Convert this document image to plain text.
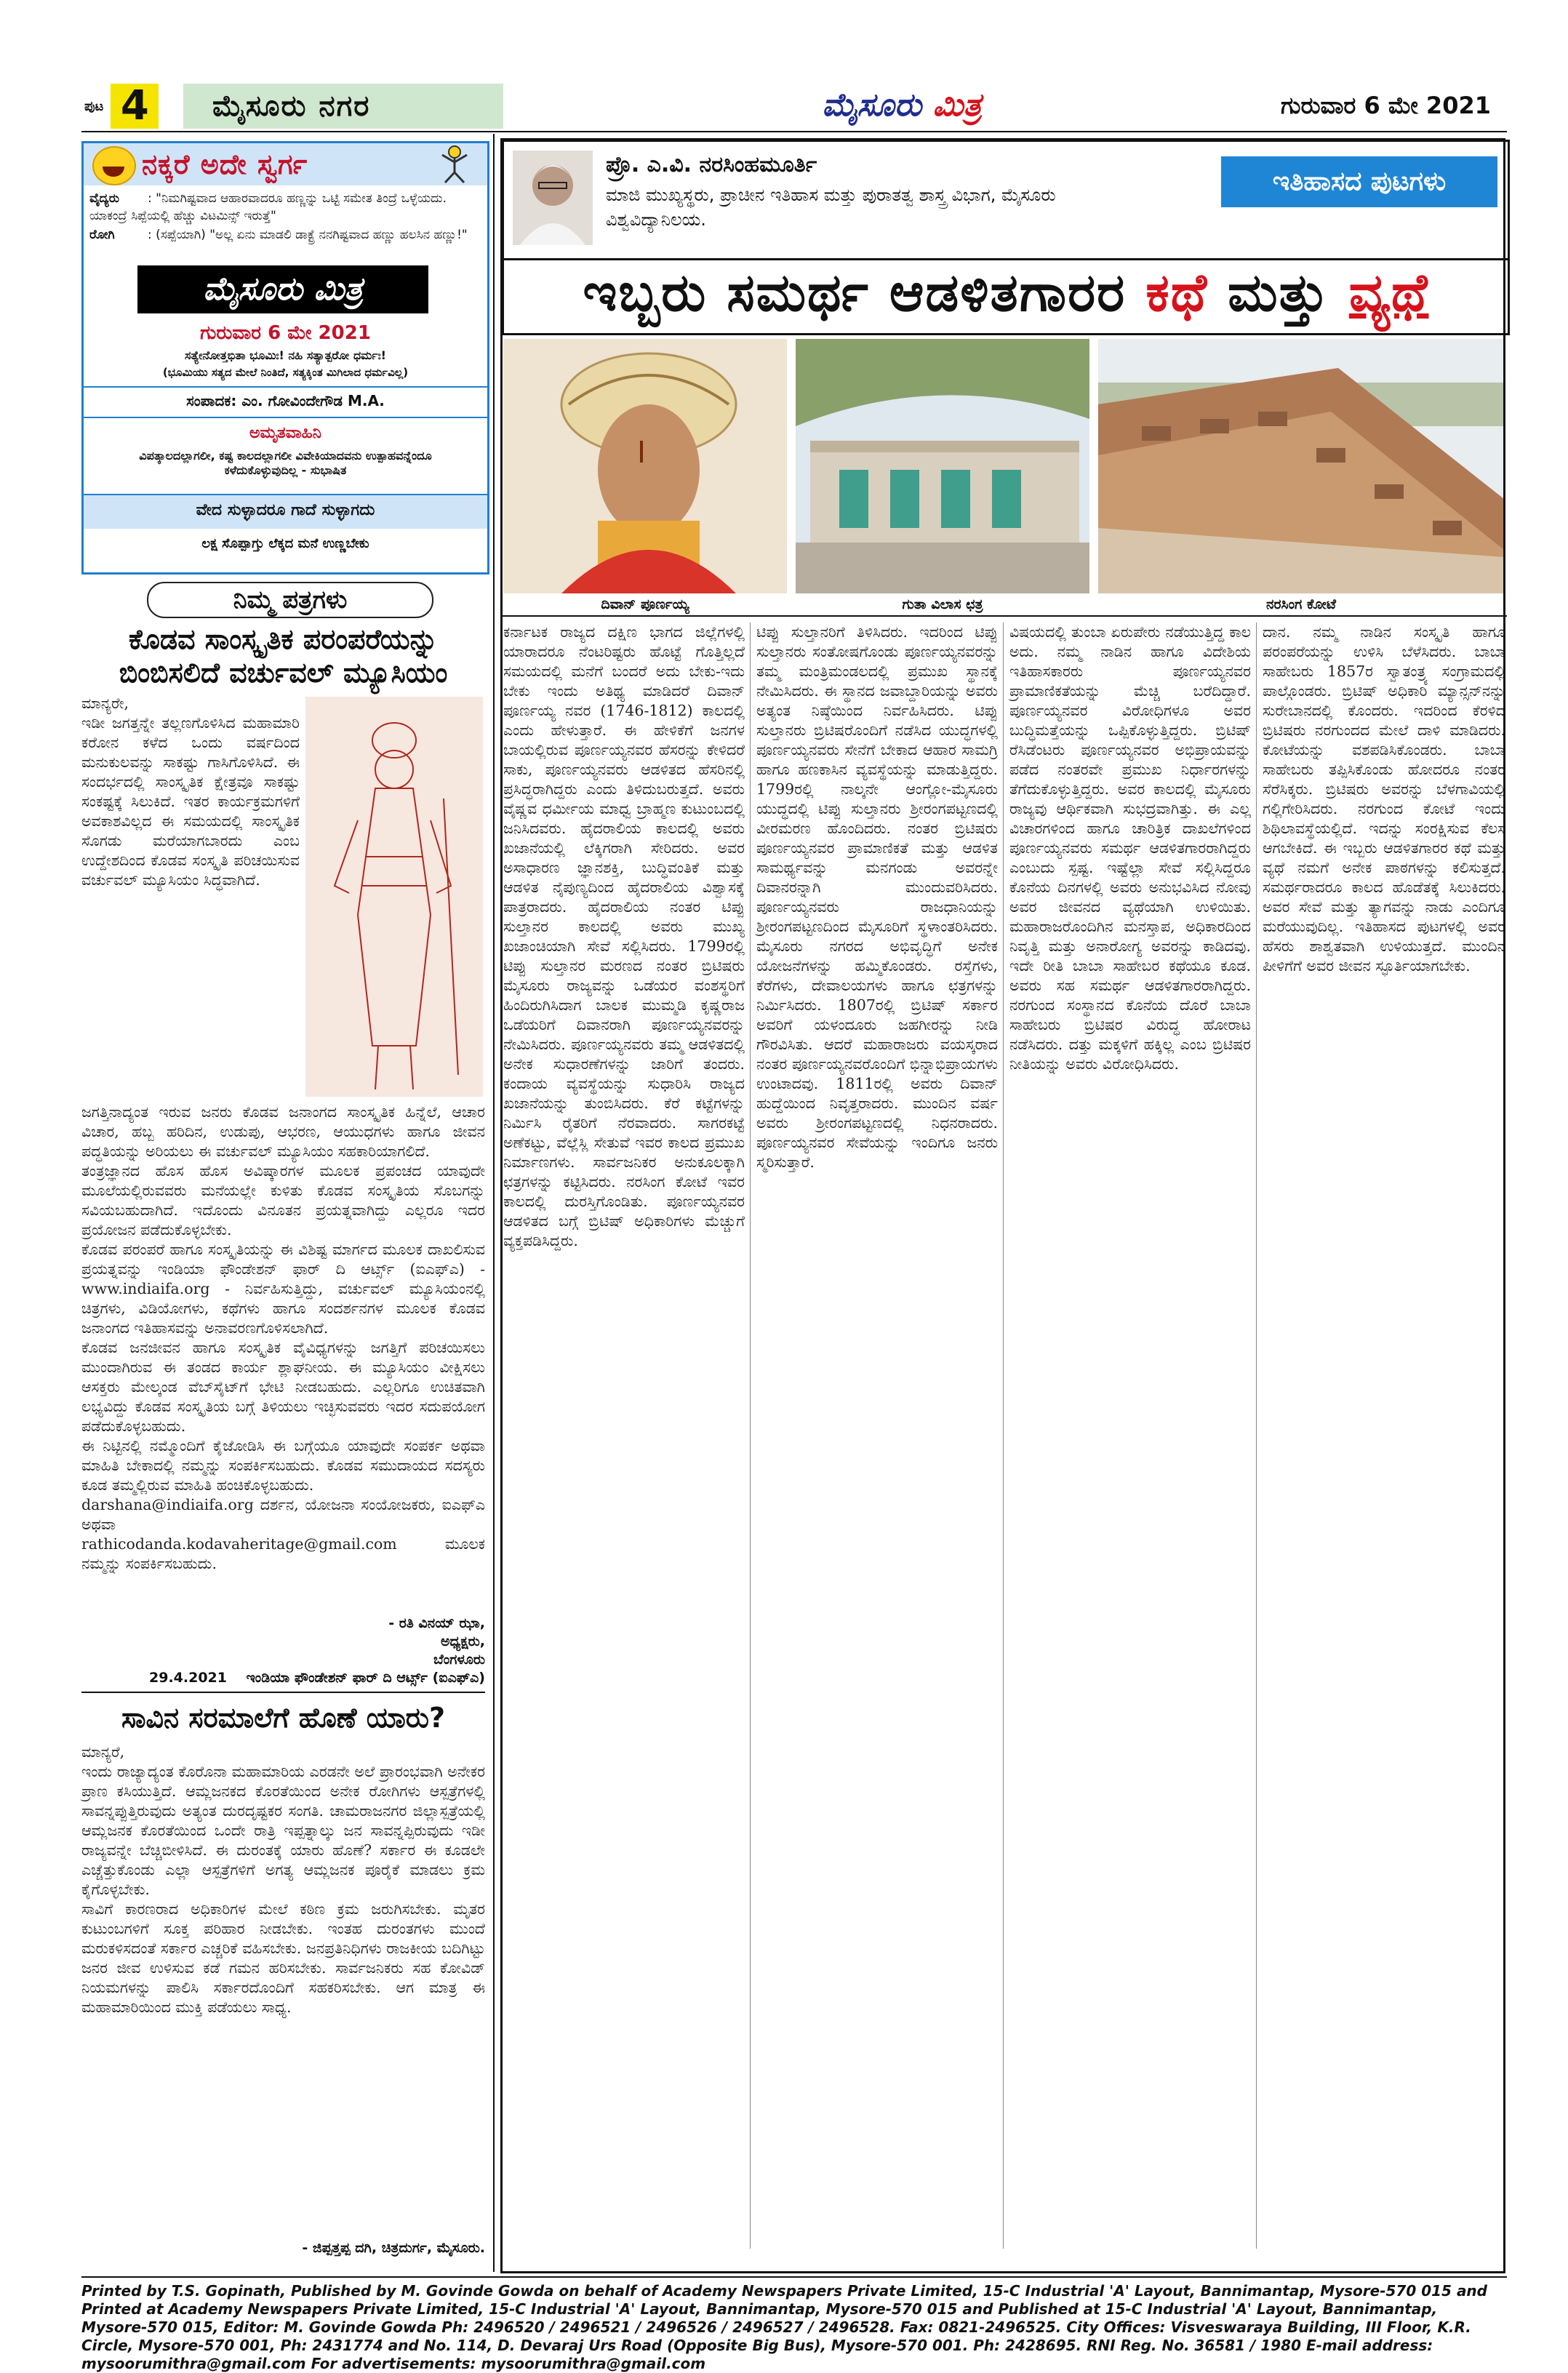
ಪುಟ 4	ಮೈಸೂರು ನಗರ	ಮೈಸೂರು ಮಿತ್ರ	ಗುರುವಾರ 6 ಮೇ 2021
ನಕ್ಕರೆ ಅದೇ ಸ್ವರ್ಗ
ವೈದ್ಯರು : "ನಿಮಗಿಷ್ಟವಾದ ಆಹಾರವಾದರೂ ಹಣ್ಣನ್ನು ಒಟ್ಟಿ ಸಮೇತ ತಿಂದ್ರೆ ಒಳ್ಳೆಯದು. ಯಾಕಂದ್ರೆ ಸಿಪ್ಪೆಯಲ್ಲಿ ಹೆಚ್ಚು ವಿಟಮಿನ್ಸ್ ಇರುತ್ತೆ"
ರೋಗಿ	: (ಸಪ್ಪೆಯಾಗಿ) "ಅಲ್ಲ ಏನು ಮಾಡಲಿ ಡಾಕ್ಟ್ರೆ ನನಗಿಷ್ಟವಾದ ಹಣ್ಣು ಹಲಸಿನ ಹಣ್ಣು!"
ಮೈಸೂರು ಮಿತ್ರ
ಗುರುವಾರ 6 ಮೇ 2021
ಸತ್ಯೇನೋತ್ತಭಿತಾ ಭೂಮಿಃ! ನಹಿ ಸತ್ಯಾತ್ಪರೋ ಧರ್ಮಃ!
(ಭೂಮಿಯು ಸತ್ಯದ ಮೇಲೆ ನಿಂತಿದೆ, ಸತ್ಯಕ್ಕಿಂತ ಮಿಗಿಲಾದ ಧರ್ಮವಿಲ್ಲ)
ಸಂಪಾದಕ: ಎಂ. ಗೋವಿಂದೇಗೌಡ M.A.
ಅಮೃತವಾಹಿನಿ
ವಿಪತ್ಕಾಲದಲ್ಲಾಗಲೀ, ಕಷ್ಟ ಕಾಲದಲ್ಲಾಗಲೀ ವಿವೇಕಿಯಾದವನು ಉತ್ಪಾಹವನ್ನೆಂದೂ ಕಳೆದುಕೊಳ್ಳುವುದಿಲ್ಲ - ಸುಭಾಷಿತ
ವೇದ ಸುಳ್ಳಾದರೂ ಗಾದೆ ಸುಳ್ಳಾಗದು
ಲಕ್ಷ ಸೊಪ್ಪಾಗ್ತು ಲೆಕ್ಕದ ಮನೆ ಉಣ್ಣಬೇಕು
ನಿಮ್ಮ ಪತ್ರಗಳು
ಕೊಡವ ಸಾಂಸ್ಕೃತಿಕ ಪರಂಪರೆಯನ್ನು ಬಿಂಬಿಸಲಿದೆ ವರ್ಚುವಲ್ ಮ್ಯೂಸಿಯಂ
ಮಾನ್ಯರೇ,
ಇಡೀ ಜಗತ್ತನ್ನೇ ತಲ್ಲಣಗೊಳಿಸಿದ ಮಹಾಮಾರಿ ಕರೋನ ಕಳೆದ ಒಂದು ವರ್ಷದಿಂದ ಮನುಕುಲವನ್ನು ಸಾಕಷ್ಟು ಗಾಸಿಗೊಳಿಸಿದೆ. ಈ ಸಂದರ್ಭದಲ್ಲಿ ಸಾಂಸ್ಕೃತಿಕ ಕ್ಷೇತ್ರವೂ ಸಾಕಷ್ಟು ಸಂಕಷ್ಟಕ್ಕೆ ಸಿಲುಕಿದೆ. ಇತರ ಕಾರ್ಯಕ್ರಮಗಳಿಗೆ ಅವಕಾಶವಿಲ್ಲದ ಈ ಸಮಯದಲ್ಲಿ ಸಾಂಸ್ಕೃತಿಕ ಸೊಗಡು ಮರೆಯಾಗಬಾರದು ಎಂಬ ಉದ್ದೇಶದಿಂದ ಕೊಡವ ಸಂಸ್ಕೃತಿ ಪರಿಚಯಿಸುವ ವರ್ಚುವಲ್ ಮ್ಯೂಸಿಯಂ ಸಿದ್ಧವಾಗಿದೆ.
ಜಗತ್ತಿನಾದ್ಯಂತ ಇರುವ ಜನರು ಕೊಡವ ಜನಾಂಗದ ಸಾಂಸ್ಕೃತಿಕ ಹಿನ್ನೆಲೆ, ಆಚಾರ ವಿಚಾರ, ಹಬ್ಬ ಹರಿದಿನ, ಉಡುಪು, ಆಭರಣ, ಆಯುಧಗಳು ಹಾಗೂ ಜೀವನ ಪದ್ಧತಿಯನ್ನು ಅರಿಯಲು ಈ ವರ್ಚುವಲ್ ಮ್ಯೂಸಿಯಂ ಸಹಕಾರಿಯಾಗಲಿದೆ.
ತಂತ್ರಜ್ಞಾನದ ಹೊಸ ಹೊಸ ಅವಿಷ್ಕಾರಗಳ ಮೂಲಕ ಪ್ರಪಂಚದ ಯಾವುದೇ ಮೂಲೆಯಲ್ಲಿರುವವರು ಮನೆಯಲ್ಲೇ ಕುಳಿತು ಕೊಡವ ಸಂಸ್ಕೃತಿಯ ಸೊಬಗನ್ನು ಸವಿಯಬಹುದಾಗಿದೆ. ಇದೊಂದು ವಿನೂತನ ಪ್ರಯತ್ನವಾಗಿದ್ದು ಎಲ್ಲರೂ ಇದರ ಪ್ರಯೋಜನ ಪಡೆದುಕೊಳ್ಳಬೇಕು.
ಕೊಡವ ಪರಂಪರೆ ಹಾಗೂ ಸಂಸ್ಕೃತಿಯನ್ನು ಈ ವಿಶಿಷ್ಟ ಮಾರ್ಗದ ಮೂಲಕ ದಾಖಲಿಸುವ ಪ್ರಯತ್ನವನ್ನು ಇಂಡಿಯಾ ಫೌಂಡೇಶನ್ ಫಾರ್ ದಿ ಆರ್ಟ್ಸ್ (ಐಎಫ್‌ಎ) - www.indiaifa.org - ನಿರ್ವಹಿಸುತ್ತಿದ್ದು, ವರ್ಚುವಲ್ ಮ್ಯೂಸಿಯಂನಲ್ಲಿ ಚಿತ್ರಗಳು, ವಿಡಿಯೋಗಳು, ಕಥೆಗಳು ಹಾಗೂ ಸಂದರ್ಶನಗಳ ಮೂಲಕ ಕೊಡವ ಜನಾಂಗದ ಇತಿಹಾಸವನ್ನು ಅನಾವರಣಗೊಳಿಸಲಾಗಿದೆ.
ಕೊಡವ ಜನಜೀವನ ಹಾಗೂ ಸಂಸ್ಕೃತಿಕ ವೈವಿಧ್ಯಗಳನ್ನು ಜಗತ್ತಿಗೆ ಪರಿಚಯಿಸಲು ಮುಂದಾಗಿರುವ ಈ ತಂಡದ ಕಾರ್ಯ ಶ್ಲಾಘನೀಯ. ಈ ಮ್ಯೂಸಿಯಂ ವೀಕ್ಷಿಸಲು ಆಸಕ್ತರು ಮೇಲ್ಕಂಡ ವೆಬ್‌ಸೈಟ್‌ಗೆ ಭೇಟಿ ನೀಡಬಹುದು. ಎಲ್ಲರಿಗೂ ಉಚಿತವಾಗಿ ಲಭ್ಯವಿದ್ದು ಕೊಡವ ಸಂಸ್ಕೃತಿಯ ಬಗ್ಗೆ ತಿಳಿಯಲು ಇಚ್ಛಿಸುವವರು ಇದರ ಸದುಪಯೋಗ ಪಡೆದುಕೊಳ್ಳಬಹುದು.
ಈ ನಿಟ್ಟಿನಲ್ಲಿ ನಮ್ಮೊಂದಿಗೆ ಕೈಜೋಡಿಸಿ ಈ ಬಗ್ಗೆಯೂ ಯಾವುದೇ ಸಂಪರ್ಕ ಅಥವಾ ಮಾಹಿತಿ ಬೇಕಾದಲ್ಲಿ ನಮ್ಮನ್ನು ಸಂಪರ್ಕಿಸಬಹುದು. ಕೊಡವ ಸಮುದಾಯದ ಸದಸ್ಯರು ಕೂಡ ತಮ್ಮಲ್ಲಿರುವ ಮಾಹಿತಿ ಹಂಚಿಕೊಳ್ಳಬಹುದು.
darshana@indiaifa.org ದರ್ಶನ, ಯೋಜನಾ ಸಂಯೋಜಕರು, ಐಎಫ್‌ಎ ಅಥವಾ
rathicodanda.kodavaheritage@gmail.com ಮೂಲಕ ನಮ್ಮನ್ನು ಸಂಪರ್ಕಿಸಬಹುದು.
- ರತಿ ವಿನಯ್ ಝಾ,
ಅಧ್ಯಕ್ಷರು,
ಬೆಂಗಳೂರು
29.4.2021    ಇಂಡಿಯಾ ಫೌಂಡೇಶನ್ ಫಾರ್ ದಿ ಆರ್ಟ್ಸ್ (ಐಎಫ್‌ಎ)
ಸಾವಿನ ಸರಮಾಲೆಗೆ ಹೊಣೆ ಯಾರು?
ಮಾನ್ಯರೆ,
ಇಂದು ರಾಜ್ಯಾದ್ಯಂತ ಕೊರೊನಾ ಮಹಾಮಾರಿಯ ಎರಡನೇ ಅಲೆ ಪ್ರಾರಂಭವಾಗಿ ಅನೇಕರ ಪ್ರಾಣ ಕಸಿಯುತ್ತಿದೆ. ಆಮ್ಲಜನಕದ ಕೊರತೆಯಿಂದ ಅನೇಕ ರೋಗಿಗಳು ಆಸ್ಪತ್ರೆಗಳಲ್ಲಿ ಸಾವನ್ನಪ್ಪುತ್ತಿರುವುದು ಅತ್ಯಂತ ದುರದೃಷ್ಟಕರ ಸಂಗತಿ. ಚಾಮರಾಜನಗರ ಜಿಲ್ಲಾಸ್ಪತ್ರೆಯಲ್ಲಿ ಆಮ್ಲಜನಕ ಕೊರತೆಯಿಂದ ಒಂದೇ ರಾತ್ರಿ ಇಪ್ಪತ್ನಾಲ್ಕು ಜನ ಸಾವನ್ನಪ್ಪಿರುವುದು ಇಡೀ ರಾಜ್ಯವನ್ನೇ ಬೆಚ್ಚಿಬೀಳಿಸಿದೆ. ಈ ದುರಂತಕ್ಕೆ ಯಾರು ಹೊಣೆ? ಸರ್ಕಾರ ಈ ಕೂಡಲೇ ಎಚ್ಚೆತ್ತುಕೊಂಡು ಎಲ್ಲಾ ಆಸ್ಪತ್ರೆಗಳಿಗೆ ಅಗತ್ಯ ಆಮ್ಲಜನಕ ಪೂರೈಕೆ ಮಾಡಲು ಕ್ರಮ ಕೈಗೊಳ್ಳಬೇಕು.
ಸಾವಿಗೆ ಕಾರಣರಾದ ಅಧಿಕಾರಿಗಳ ಮೇಲೆ ಕಠಿಣ ಕ್ರಮ ಜರುಗಿಸಬೇಕು. ಮೃತರ ಕುಟುಂಬಗಳಿಗೆ ಸೂಕ್ತ ಪರಿಹಾರ ನೀಡಬೇಕು. ಇಂತಹ ದುರಂತಗಳು ಮುಂದೆ ಮರುಕಳಿಸದಂತೆ ಸರ್ಕಾರ ಎಚ್ಚರಿಕೆ ವಹಿಸಬೇಕು. ಜನಪ್ರತಿನಿಧಿಗಳು ರಾಜಕೀಯ ಬದಿಗಿಟ್ಟು ಜನರ ಜೀವ ಉಳಿಸುವ ಕಡೆ ಗಮನ ಹರಿಸಬೇಕು. ಸಾರ್ವಜನಿಕರು ಸಹ ಕೋವಿಡ್ ನಿಯಮಗಳನ್ನು ಪಾಲಿಸಿ ಸರ್ಕಾರದೊಂದಿಗೆ ಸಹಕರಿಸಬೇಕು. ಆಗ ಮಾತ್ರ ಈ ಮಹಾಮಾರಿಯಿಂದ ಮುಕ್ತಿ ಪಡೆಯಲು ಸಾಧ್ಯ.
- ಜಿಪ್ಪತ್ತಪ್ಪ ದಗಿ, ಚಿತ್ರದುರ್ಗ, ಮೈಸೂರು.
ಪ್ರೊ. ಎ.ವಿ. ನರಸಿಂಹಮೂರ್ತಿ
ಮಾಜಿ ಮುಖ್ಯಸ್ಥರು, ಪ್ರಾಚೀನ ಇತಿಹಾಸ ಮತ್ತು ಪುರಾತತ್ವ ಶಾಸ್ತ್ರ ವಿಭಾಗ, ಮೈಸೂರು ವಿಶ್ವವಿದ್ಯಾನಿಲಯ.
ಇತಿಹಾಸದ ಪುಟಗಳು
ಇಬ್ಬರು ಸಮರ್ಥ ಆಡಳಿತಗಾರರ ಕಥೆ ಮತ್ತು ವ್ಯಥೆ
ದಿವಾನ್ ಪೂರ್ಣಯ್ಯ	ಗುತಾ ವಿಲಾಸ ಛತ್ರ	ನರಸಿಂಗ ಕೋಟೆ
ಕರ್ನಾಟಕ ರಾಜ್ಯದ ದಕ್ಷಿಣ ಭಾಗದ ಜಿಲ್ಲೆಗಳಲ್ಲಿ ಯಾರಾದರೂ ನೆಂಟರಿಷ್ಟರು ಹೊಟ್ಟೆ ಗೊತ್ತಿಲ್ಲದೆ ಸಮಯದಲ್ಲಿ ಮನೆಗೆ ಬಂದರೆ ಅದು ಬೇಕು-ಇದು ಬೇಕು ಇಂದು ಅತಿಥ್ಯ ಮಾಡಿದರೆ ದಿವಾನ್ ಪೂರ್ಣಯ್ಯ ನವರ (1746-1812) ಕಾಲದಲ್ಲಿ ಎಂದು ಹೇಳುತ್ತಾರೆ. ಈ ಹೇಳಿಕೆಗೆ ಜನಗಳ ಬಾಯಲ್ಲಿರುವ ಪೂರ್ಣಯ್ಯನವರ ಹೆಸರನ್ನು ಕೇಳಿದರೆ ಸಾಕು, ಪೂರ್ಣಯ್ಯನವರು ಆಡಳಿತದ ಹೆಸರಿನಲ್ಲಿ ಪ್ರಸಿದ್ಧರಾಗಿದ್ದರು ಎಂದು ತಿಳಿದುಬರುತ್ತದೆ. ಅವರು ವೈಷ್ಣವ ಧರ್ಮೀಯ ಮಾಧ್ವ ಬ್ರಾಹ್ಮಣ ಕುಟುಂಬದಲ್ಲಿ ಜನಿಸಿದವರು. ಹೈದರಾಲಿಯ ಕಾಲದಲ್ಲಿ ಅವರು ಖಜಾನೆಯಲ್ಲಿ ಲೆಕ್ಕಿಗರಾಗಿ ಸೇರಿದರು. ಅವರ ಅಸಾಧಾರಣ ಜ್ಞಾನಶಕ್ತಿ, ಬುದ್ಧಿವಂತಿಕೆ ಮತ್ತು ಆಡಳಿತ ನೈಪುಣ್ಯದಿಂದ ಹೈದರಾಲಿಯ ವಿಶ್ವಾಸಕ್ಕೆ ಪಾತ್ರರಾದರು. ಹೈದರಾಲಿಯ ನಂತರ ಟಿಪ್ಪು ಸುಲ್ತಾನರ ಕಾಲದಲ್ಲಿ ಅವರು ಮುಖ್ಯ ಖಜಾಂಚಿಯಾಗಿ ಸೇವೆ ಸಲ್ಲಿಸಿದರು. 1799ರಲ್ಲಿ ಟಿಪ್ಪು ಸುಲ್ತಾನರ ಮರಣದ ನಂತರ ಬ್ರಿಟಿಷರು ಮೈಸೂರು ರಾಜ್ಯವನ್ನು ಒಡೆಯರ ವಂಶಸ್ಥರಿಗೆ ಹಿಂದಿರುಗಿಸಿದಾಗ ಬಾಲಕ ಮುಮ್ಮಡಿ ಕೃಷ್ಣರಾಜ ಒಡೆಯರಿಗೆ ದಿವಾನರಾಗಿ ಪೂರ್ಣಯ್ಯನವರನ್ನು ನೇಮಿಸಿದರು. ಪೂರ್ಣಯ್ಯನವರು ತಮ್ಮ ಆಡಳಿತದಲ್ಲಿ ಅನೇಕ ಸುಧಾರಣೆಗಳನ್ನು ಜಾರಿಗೆ ತಂದರು. ಕಂದಾಯ ವ್ಯವಸ್ಥೆಯನ್ನು ಸುಧಾರಿಸಿ ರಾಜ್ಯದ ಖಜಾನೆಯನ್ನು ತುಂಬಿಸಿದರು. ಕೆರೆ ಕಟ್ಟೆಗಳನ್ನು ನಿರ್ಮಿಸಿ ರೈತರಿಗೆ ನೆರವಾದರು. ಸಾಗರಕಟ್ಟೆ ಅಣೆಕಟ್ಟು, ವೆಲ್ಲೆಸ್ಲಿ ಸೇತುವೆ ಇವರ ಕಾಲದ ಪ್ರಮುಖ ನಿರ್ಮಾಣಗಳು. ಸಾರ್ವಜನಿಕರ ಅನುಕೂಲಕ್ಕಾಗಿ ಛತ್ರಗಳನ್ನು ಕಟ್ಟಿಸಿದರು. ನರಸಿಂಗ ಕೋಟೆ ಇವರ ಕಾಲದಲ್ಲಿ ದುರಸ್ತಿಗೊಂಡಿತು. ಪೂರ್ಣಯ್ಯನವರ ಆಡಳಿತದ ಬಗ್ಗೆ ಬ್ರಿಟಿಷ್ ಅಧಿಕಾರಿಗಳು ಮೆಚ್ಚುಗೆ ವ್ಯಕ್ತಪಡಿಸಿದ್ದರು.
ಟಿಪ್ಪು ಸುಲ್ತಾನರಿಗೆ ತಿಳಿಸಿದರು. ಇದರಿಂದ ಟಿಪ್ಪು ಸುಲ್ತಾನರು ಸಂತೋಷಗೊಂಡು ಪೂರ್ಣಯ್ಯನವರನ್ನು ತಮ್ಮ ಮಂತ್ರಿಮಂಡಲದಲ್ಲಿ ಪ್ರಮುಖ ಸ್ಥಾನಕ್ಕೆ ನೇಮಿಸಿದರು. ಈ ಸ್ಥಾನದ ಜವಾಬ್ದಾರಿಯನ್ನು ಅವರು ಅತ್ಯಂತ ನಿಷ್ಠೆಯಿಂದ ನಿರ್ವಹಿಸಿದರು. ಟಿಪ್ಪು ಸುಲ್ತಾನರು ಬ್ರಿಟಿಷರೊಂದಿಗೆ ನಡೆಸಿದ ಯುದ್ಧಗಳಲ್ಲಿ ಪೂರ್ಣಯ್ಯನವರು ಸೇನೆಗೆ ಬೇಕಾದ ಆಹಾರ ಸಾಮಗ್ರಿ ಹಾಗೂ ಹಣಕಾಸಿನ ವ್ಯವಸ್ಥೆಯನ್ನು ಮಾಡುತ್ತಿದ್ದರು. 1799ರಲ್ಲಿ ನಾಲ್ಕನೇ ಆಂಗ್ಲೋ-ಮೈಸೂರು ಯುದ್ಧದಲ್ಲಿ ಟಿಪ್ಪು ಸುಲ್ತಾನರು ಶ್ರೀರಂಗಪಟ್ಟಣದಲ್ಲಿ ವೀರಮರಣ ಹೊಂದಿದರು. ನಂತರ ಬ್ರಿಟಿಷರು ಪೂರ್ಣಯ್ಯನವರ ಪ್ರಾಮಾಣಿಕತೆ ಮತ್ತು ಆಡಳಿತ ಸಾಮರ್ಥ್ಯವನ್ನು ಮನಗಂಡು ಅವರನ್ನೇ ದಿವಾನರನ್ನಾಗಿ ಮುಂದುವರಿಸಿದರು. ಪೂರ್ಣಯ್ಯನವರು ರಾಜಧಾನಿಯನ್ನು ಶ್ರೀರಂಗಪಟ್ಟಣದಿಂದ ಮೈಸೂರಿಗೆ ಸ್ಥಳಾಂತರಿಸಿದರು. ಮೈಸೂರು ನಗರದ ಅಭಿವೃದ್ಧಿಗೆ ಅನೇಕ ಯೋಜನೆಗಳನ್ನು ಹಮ್ಮಿಕೊಂಡರು. ರಸ್ತೆಗಳು, ಕೆರೆಗಳು, ದೇವಾಲಯಗಳು ಹಾಗೂ ಛತ್ರಗಳನ್ನು ನಿರ್ಮಿಸಿದರು. 1807ರಲ್ಲಿ ಬ್ರಿಟಿಷ್ ಸರ್ಕಾರ ಅವರಿಗೆ ಯಳಂದೂರು ಜಹಗೀರನ್ನು ನೀಡಿ ಗೌರವಿಸಿತು. ಆದರೆ ಮಹಾರಾಜರು ವಯಸ್ಕರಾದ ನಂತರ ಪೂರ್ಣಯ್ಯನವರೊಂದಿಗೆ ಭಿನ್ನಾಭಿಪ್ರಾಯಗಳು ಉಂಟಾದವು. 1811ರಲ್ಲಿ ಅವರು ದಿವಾನ್ ಹುದ್ದೆಯಿಂದ ನಿವೃತ್ತರಾದರು. ಮುಂದಿನ ವರ್ಷ ಅವರು ಶ್ರೀರಂಗಪಟ್ಟಣದಲ್ಲಿ ನಿಧನರಾದರು. ಪೂರ್ಣಯ್ಯನವರ ಸೇವೆಯನ್ನು ಇಂದಿಗೂ ಜನರು ಸ್ಮರಿಸುತ್ತಾರೆ.
ವಿಷಯದಲ್ಲಿ ತುಂಬಾ ಏರುಪೇರು ನಡೆಯುತ್ತಿದ್ದ ಕಾಲ ಅದು. ನಮ್ಮ ನಾಡಿನ ಹಾಗೂ ವಿದೇಶಿಯ ಇತಿಹಾಸಕಾರರು ಪೂರ್ಣಯ್ಯನವರ ಪ್ರಾಮಾಣಿಕತೆಯನ್ನು ಮೆಚ್ಚಿ ಬರೆದಿದ್ದಾರೆ. ಪೂರ್ಣಯ್ಯನವರ ವಿರೋಧಿಗಳೂ ಅವರ ಬುದ್ಧಿಮತ್ತೆಯನ್ನು ಒಪ್ಪಿಕೊಳ್ಳುತ್ತಿದ್ದರು. ಬ್ರಿಟಿಷ್ ರೆಸಿಡೆಂಟರು ಪೂರ್ಣಯ್ಯನವರ ಅಭಿಪ್ರಾಯವನ್ನು ಪಡೆದ ನಂತರವೇ ಪ್ರಮುಖ ನಿರ್ಧಾರಗಳನ್ನು ತೆಗೆದುಕೊಳ್ಳುತ್ತಿದ್ದರು. ಅವರ ಕಾಲದಲ್ಲಿ ಮೈಸೂರು ರಾಜ್ಯವು ಆರ್ಥಿಕವಾಗಿ ಸುಭದ್ರವಾಗಿತ್ತು. ಈ ಎಲ್ಲ ವಿಚಾರಗಳಿಂದ ಹಾಗೂ ಚಾರಿತ್ರಿಕ ದಾಖಲೆಗಳಿಂದ ಪೂರ್ಣಯ್ಯನವರು ಸಮರ್ಥ ಆಡಳಿತಗಾರರಾಗಿದ್ದರು ಎಂಬುದು ಸ್ಪಷ್ಟ. ಇಷ್ಟೆಲ್ಲಾ ಸೇವೆ ಸಲ್ಲಿಸಿದ್ದರೂ ಕೊನೆಯ ದಿನಗಳಲ್ಲಿ ಅವರು ಅನುಭವಿಸಿದ ನೋವು ಅವರ ಜೀವನದ ವ್ಯಥೆಯಾಗಿ ಉಳಿಯಿತು. ಮಹಾರಾಜರೊಂದಿಗಿನ ಮನಸ್ತಾಪ, ಅಧಿಕಾರದಿಂದ ನಿವೃತ್ತಿ ಮತ್ತು ಅನಾರೋಗ್ಯ ಅವರನ್ನು ಕಾಡಿದವು. ಇದೇ ರೀತಿ ಬಾಬಾ ಸಾಹೇಬರ ಕಥೆಯೂ ಕೂಡ. ಅವರು ಸಹ ಸಮರ್ಥ ಆಡಳಿತಗಾರರಾಗಿದ್ದರು. ನರಗುಂದ ಸಂಸ್ಥಾನದ ಕೊನೆಯ ದೊರೆ ಬಾಬಾ ಸಾಹೇಬರು ಬ್ರಿಟಿಷರ ವಿರುದ್ಧ ಹೋರಾಟ ನಡೆಸಿದರು. ದತ್ತು ಮಕ್ಕಳಿಗೆ ಹಕ್ಕಿಲ್ಲ ಎಂಬ ಬ್ರಿಟಿಷರ ನೀತಿಯನ್ನು ಅವರು ವಿರೋಧಿಸಿದರು.
ದಾನ. ನಮ್ಮ ನಾಡಿನ ಸಂಸ್ಕೃತಿ ಹಾಗೂ ಪರಂಪರೆಯನ್ನು ಉಳಿಸಿ ಬೆಳೆಸಿದರು. ಬಾಬಾ ಸಾಹೇಬರು 1857ರ ಸ್ವಾತಂತ್ರ್ಯ ಸಂಗ್ರಾಮದಲ್ಲಿ ಪಾಲ್ಗೊಂಡರು. ಬ್ರಿಟಿಷ್ ಅಧಿಕಾರಿ ಮ್ಯಾನ್ಸನ್‌ನನ್ನು ಸುರೇಬಾನದಲ್ಲಿ ಕೊಂದರು. ಇದರಿಂದ ಕೆರಳಿದ ಬ್ರಿಟಿಷರು ನರಗುಂದದ ಮೇಲೆ ದಾಳಿ ಮಾಡಿದರು. ಕೋಟೆಯನ್ನು ವಶಪಡಿಸಿಕೊಂಡರು. ಬಾಬಾ ಸಾಹೇಬರು ತಪ್ಪಿಸಿಕೊಂಡು ಹೋದರೂ ನಂತರ ಸೆರೆಸಿಕ್ಕರು. ಬ್ರಿಟಿಷರು ಅವರನ್ನು ಬೆಳಗಾವಿಯಲ್ಲಿ ಗಲ್ಲಿಗೇರಿಸಿದರು. ನರಗುಂದ ಕೋಟೆ ಇಂದು ಶಿಥಿಲಾವಸ್ಥೆಯಲ್ಲಿದೆ. ಇದನ್ನು ಸಂರಕ್ಷಿಸುವ ಕೆಲಸ ಆಗಬೇಕಿದೆ. ಈ ಇಬ್ಬರು ಆಡಳಿತಗಾರರ ಕಥೆ ಮತ್ತು ವ್ಯಥೆ ನಮಗೆ ಅನೇಕ ಪಾಠಗಳನ್ನು ಕಲಿಸುತ್ತದೆ. ಸಮರ್ಥರಾದರೂ ಕಾಲದ ಹೊಡೆತಕ್ಕೆ ಸಿಲುಕಿದರು. ಅವರ ಸೇವೆ ಮತ್ತು ತ್ಯಾಗವನ್ನು ನಾಡು ಎಂದಿಗೂ ಮರೆಯುವುದಿಲ್ಲ. ಇತಿಹಾಸದ ಪುಟಗಳಲ್ಲಿ ಅವರ ಹೆಸರು ಶಾಶ್ವತವಾಗಿ ಉಳಿಯುತ್ತದೆ. ಮುಂದಿನ ಪೀಳಿಗೆಗೆ ಅವರ ಜೀವನ ಸ್ಫೂರ್ತಿಯಾಗಬೇಕು.
Printed by T.S. Gopinath, Published by M. Govinde Gowda on behalf of Academy Newspapers Private Limited, 15-C Industrial 'A' Layout, Bannimantap, Mysore-570 015 and Printed at Academy Newspapers Private Limited, 15-C Industrial 'A' Layout, Bannimantap, Mysore-570 015 and Published at 15-C Industrial 'A' Layout, Bannimantap, Mysore-570 015, Editor: M. Govinde Gowda Ph: 2496520 / 2496521 / 2496526 / 2496527 / 2496528. Fax: 0821-2496525. City Offices: Visveswaraya Building, III Floor, K.R. Circle, Mysore-570 001, Ph: 2431774 and No. 114, D. Devaraj Urs Road (Opposite Big Bus), Mysore-570 001. Ph: 2428695. RNI Reg. No. 36581 / 1980 E-mail address: mysoorumithra@gmail.com For advertisements: mysoorumithra@gmail.com
